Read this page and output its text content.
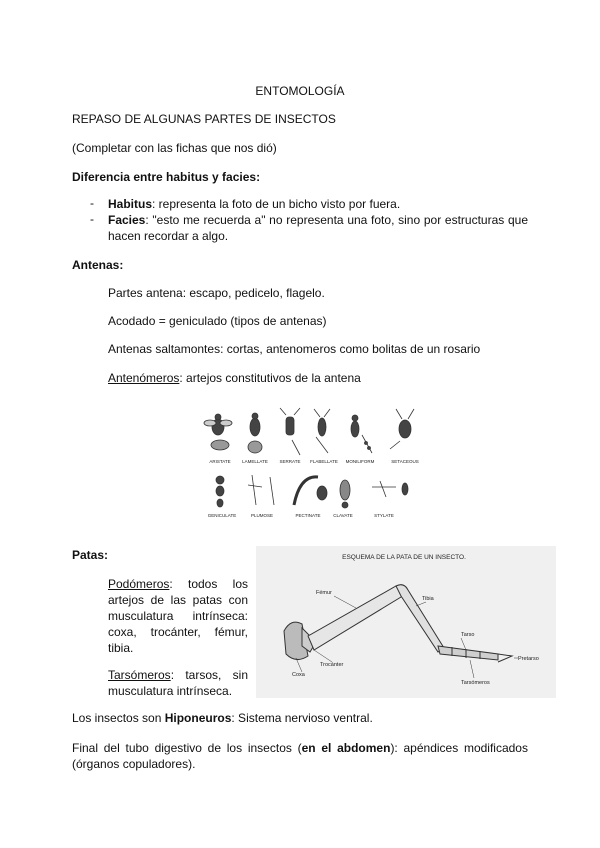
ENTOMOLOGÍA
REPASO DE ALGUNAS PARTES DE INSECTOS
(Completar con las fichas que nos dió)
Diferencia entre habitus y facies:
- Habitus: representa la foto de un bicho visto por fuera.
- Facies: "esto me recuerda a" no representa una foto, sino por estructuras que hacen recordar a algo.
Antenas:
Partes antena: escapo, pedicelo, flagelo.
Acodado = geniculado (tipos de antenas)
Antenas saltamontes: cortas, antenomeros como bolitas de un rosario
Antenómeros: artejos constitutivos de la antena
ARISTATE	LAMELLATE	SERRATE FLABELLATE MONILIFORM	SETACEOUS
GENICULATE	PLUMOSE	PECTINATE	CLAVATE	STYLATE
Patas:
Podómeros: todos los artejos de las patas con musculatura intrínseca: coxa, trocánter, fémur, tibia.
Tarsómeros: tarsos, sin musculatura intrínseca.
ESQUEMA DE LA PATA DE UN INSECTO.
Fémur
Tibia
Tarso
Pretarso
Trocánter
Coxa
Tarsómeros
Los insectos son Hiponeuros: Sistema nervioso ventral.
Final del tubo digestivo de los insectos (en el abdomen): apéndices modificados (órganos copuladores).
